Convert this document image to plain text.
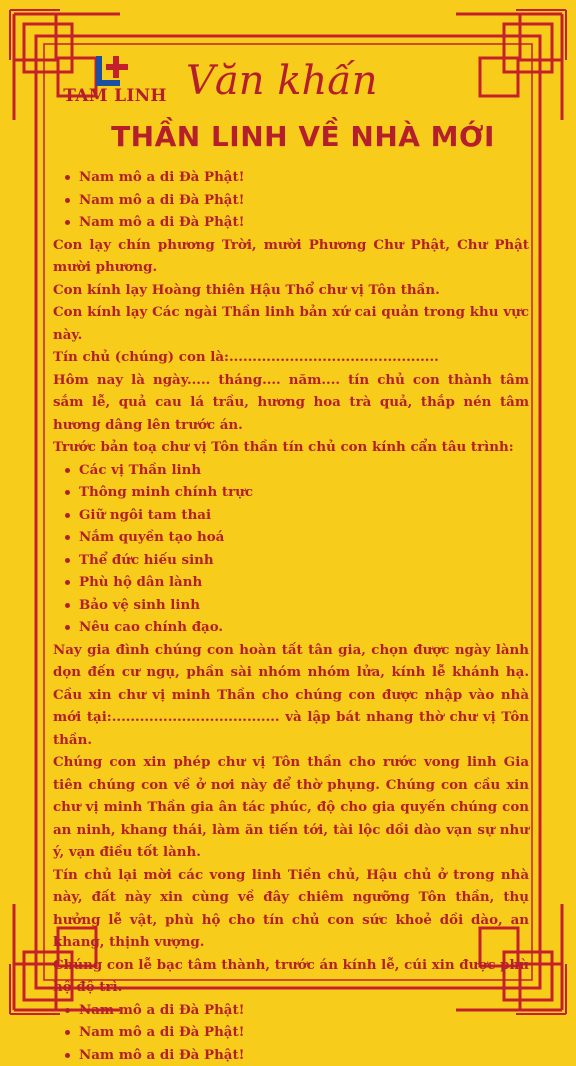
TAM LINH Văn khấn
THẦN LINH VỀ NHÀ MỚI
Nam mô a di Đà Phật!
Nam mô a di Đà Phật!
Nam mô a di Đà Phật!

Con lạy chín phương Trời, mười Phương Chư Phật, Chư Phật mười phương.

Con kính lạy Hoàng thiên Hậu Thổ chư vị Tôn thần.

Con kính lạy Các ngài Thần linh bản xứ cai quản trong khu vực này.

Tín chủ (chúng) con là:.............................................

Hôm nay là ngày..... tháng.... năm.... tín chủ con thành tâm sắm lễ, quả cau lá trầu, hương hoa trà quả, thắp nén tâm hương dâng lên trước án.

Trước bản toạ chư vị Tôn thần tín chủ con kính cẩn tâu trình:

Các vị Thần linh
Thông minh chính trực
Giữ ngôi tam thai
Nắm quyền tạo hoá
Thể đức hiếu sinh
Phù hộ dân lành
Bảo vệ sinh linh
Nêu cao chính đạo.

Nay gia đình chúng con hoàn tất tân gia, chọn được ngày lành dọn đến cư ngụ, phần sài nhóm nhóm lửa, kính lễ khánh hạ. Cầu xin chư vị minh Thần cho chúng con được nhập vào nhà mới tại:.................................... và lập bát nhang thờ chư vị Tôn thần.

Chúng con xin phép chư vị Tôn thần cho rước vong linh Gia tiên chúng con về ở nơi này để thờ phụng. Chúng con cầu xin chư vị minh Thần gia ân tác phúc, độ cho gia quyến chúng con an ninh, khang thái, làm ăn tiến tới, tài lộc dồi dào vạn sự như ý, vạn điều tốt lành.

Tín chủ lại mời các vong linh Tiền chủ, Hậu chủ ở trong nhà này, đất này xin cùng về đây chiêm ngưỡng Tôn thần, thụ hưởng lễ vật, phù hộ cho tín chủ con sức khoẻ dồi dào, an khang, thịnh vượng.

Chúng con lễ bạc tâm thành, trước án kính lễ, cúi xin được phù hộ độ trì.

Nam mô a di Đà Phật!
Nam mô a di Đà Phật!
Nam mô a di Đà Phật!
